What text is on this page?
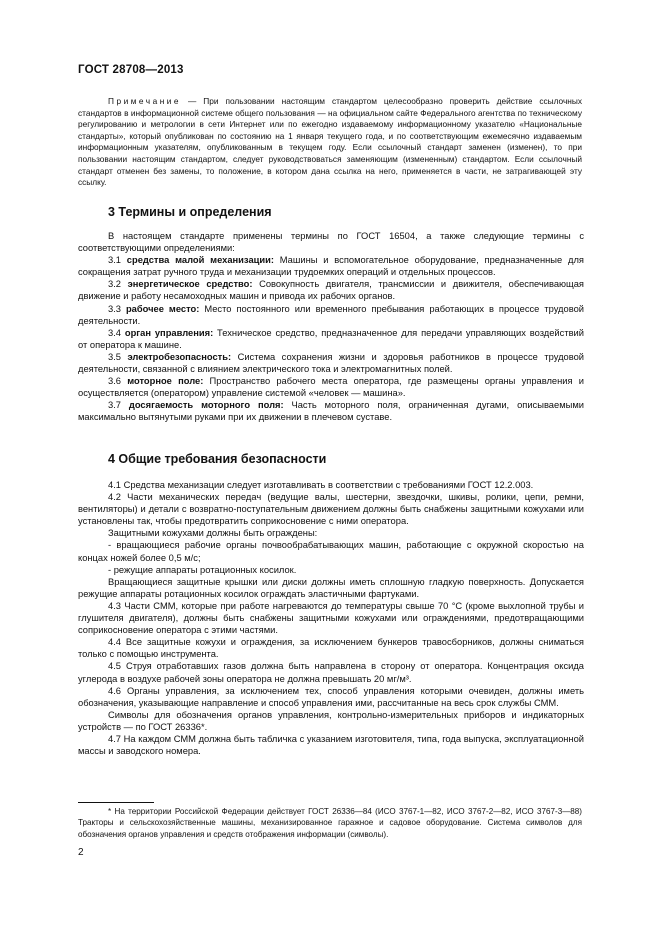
ГОСТ 28708—2013
Примечание — При пользовании настоящим стандартом целесообразно проверить действие ссылочных стандартов в информационной системе общего пользования — на официальном сайте Федерального агентства по техническому регулированию и метрологии в сети Интернет или по ежегодно издаваемому информационному указателю «Национальные стандарты», который опубликован по состоянию на 1 января текущего года, и по соответствующим ежемесячно издаваемым информационным указателям, опубликованным в текущем году. Если ссылочный стандарт заменен (изменен), то при пользовании настоящим стандартом, следует руководствоваться заменяющим (измененным) стандартом. Если ссылочный стандарт отменен без замены, то положение, в котором дана ссылка на него, применяется в части, не затрагивающей эту ссылку.
3 Термины и определения

В настоящем стандарте применены термины по ГОСТ 16504, а также следующие термины с соответствующими определениями:

3.1 средства малой механизации: Машины и вспомогательное оборудование, предназначенные для сокращения затрат ручного труда и механизации трудоемких операций и отдельных процессов.

3.2 энергетическое средство: Совокупность двигателя, трансмиссии и движителя, обеспечивающая движение и работу несамоходных машин и привода их рабочих органов.

3.3 рабочее место: Место постоянного или временного пребывания работающих в процессе трудовой деятельности.

3.4 орган управления: Техническое средство, предназначенное для передачи управляющих воздействий от оператора к машине.

3.5 электробезопасность: Система сохранения жизни и здоровья работников в процессе трудовой деятельности, связанной с влиянием электрического тока и электромагнитных полей.

3.6 моторное поле: Пространство рабочего места оператора, где размещены органы управления и осуществляется (оператором) управление системой «человек — машина».

3.7 досягаемость моторного поля: Часть моторного поля, ограниченная дугами, описываемыми максимально вытянутыми руками при их движении в плечевом суставе.

4 Общие требования безопасности

4.1 Средства механизации следует изготавливать в соответствии с требованиями ГОСТ 12.2.003.

4.2 Части механических передач (ведущие валы, шестерни, звездочки, шкивы, ролики, цепи, ремни, вентиляторы) и детали с возвратно-поступательным движением должны быть снабжены защитными кожухами или установлены так, чтобы предотвратить соприкосновение с ними оператора.

Защитными кожухами должны быть ограждены:

- вращающиеся рабочие органы почвообрабатывающих машин, работающие с окружной скоростью на концах ножей более 0,5 м/с;

- режущие аппараты ротационных косилок.

Вращающиеся защитные крышки или диски должны иметь сплошную гладкую поверхность. Допускается режущие аппараты ротационных косилок ограждать эластичными фартуками.

4.3 Части СММ, которые при работе нагреваются до температуры свыше 70 °С (кроме выхлопной трубы и глушителя двигателя), должны быть снабжены защитными кожухами или ограждениями, предотвращающими соприкосновение оператора с этими частями.

4.4 Все защитные кожухи и ограждения, за исключением бункеров травосборников, должны сниматься только с помощью инструмента.

4.5 Струя отработавших газов должна быть направлена в сторону от оператора. Концентрация оксида углерода в воздухе рабочей зоны оператора не должна превышать 20 мг/м³.

4.6 Органы управления, за исключением тех, способ управления которыми очевиден, должны иметь обозначения, указывающие направление и способ управления ими, рассчитанные на весь срок службы СММ.

Символы для обозначения органов управления, контрольно-измерительных приборов и индикаторных устройств — по ГОСТ 26336*.

4.7 На каждом СММ должна быть табличка с указанием изготовителя, типа, года выпуска, эксплуатационной массы и заводского номера.

* На территории Российской Федерации действует ГОСТ 26336—84 (ИСО 3767-1—82, ИСО 3767-2—82, ИСО 3767-3—88) Тракторы и сельскохозяйственные машины, механизированное гаражное и садовое оборудование. Система символов для обозначения органов управления и средств отображения информации (символы).
2
